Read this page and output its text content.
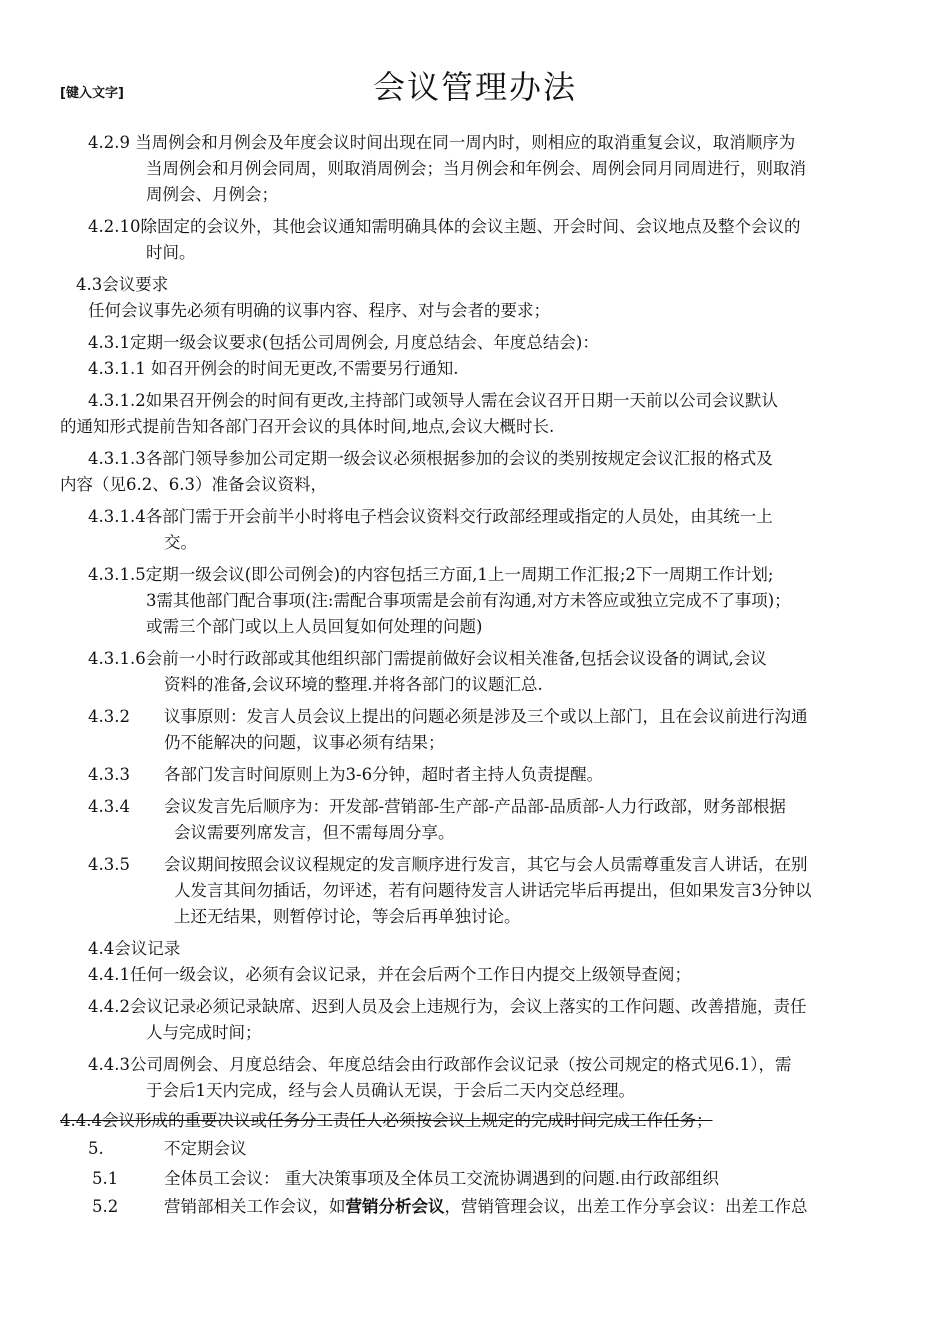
[键入文字]	会议管理办法
4.2.9 当周例会和月例会及年度会议时间出现在同一周内时，则相应的取消重复会议，取消顺序为
当周例会和月例会同周，则取消周例会；当月例会和年例会、周例会同月同周进行，则取消
周例会、月例会；
4.2.10除固定的会议外，其他会议通知需明确具体的会议主题、开会时间、会议地点及整个会议的
时间。
4.3会议要求
任何会议事先必须有明确的议事内容、程序、对与会者的要求；
4.3.1定期一级会议要求(包括公司周例会, 月度总结会、年度总结会)：
4.3.1.1 如召开例会的时间无更改,不需要另行通知.
4.3.1.2如果召开例会的时间有更改,主持部门或领导人需在会议召开日期一天前以公司会议默认
的通知形式提前告知各部门召开会议的具体时间,地点,会议大概时长.
4.3.1.3各部门领导参加公司定期一级会议必须根据参加的会议的类别按规定会议汇报的格式及
内容（见6.2、6.3）准备会议资料，
4.3.1.4各部门需于开会前半小时将电子档会议资料交行政部经理或指定的人员处，由其统一上
交。
4.3.1.5定期一级会议(即公司例会)的内容包括三方面,1上一周期工作汇报;2下一周期工作计划;
3需其他部门配合事项(注:需配合事项需是会前有沟通,对方未答应或独立完成不了事项)；
或需三个部门或以上人员回复如何处理的问题)
4.3.1.6会前一小时行政部或其他组织部门需提前做好会议相关准备,包括会议设备的调试,会议
资料的准备,会议环境的整理.并将各部门的议题汇总.
4.3.2 议事原则：发言人员会议上提出的问题必须是涉及三个或以上部门，且在会议前进行沟通
仍不能解决的问题，议事必须有结果；
4.3.3 各部门发言时间原则上为3-6分钟，超时者主持人负责提醒。
4.3.4 会议发言先后顺序为：开发部-营销部-生产部-产品部-品质部-人力行政部，财务部根据
会议需要列席发言，但不需每周分享。
4.3.5 会议期间按照会议议程规定的发言顺序进行发言，其它与会人员需尊重发言人讲话，在别
人发言其间勿插话，勿评述，若有问题待发言人讲话完毕后再提出，但如果发言3分钟以
上还无结果，则暂停讨论，等会后再单独讨论。
4.4会议记录
4.4.1任何一级会议，必须有会议记录，并在会后两个工作日内提交上级领导查阅；
4.4.2会议记录必须记录缺席、迟到人员及会上违规行为，会议上落实的工作问题、改善措施，责任
人与完成时间；
4.4.3公司周例会、月度总结会、年度总结会由行政部作会议记录（按公司规定的格式见6.1），需
于会后1天内完成，经与会人员确认无误，于会后二天内交总经理。
4.4.4会议形成的重要决议或任务分工责任人必须按会议上规定的完成时间完成工作任务；
5.	不定期会议
5.1	全体员工会议： 重大决策事项及全体员工交流协调遇到的问题.由行政部组织
5.2	营销部相关工作会议，如营销分析会议，营销管理会议，出差工作分享会议：出差工作总
